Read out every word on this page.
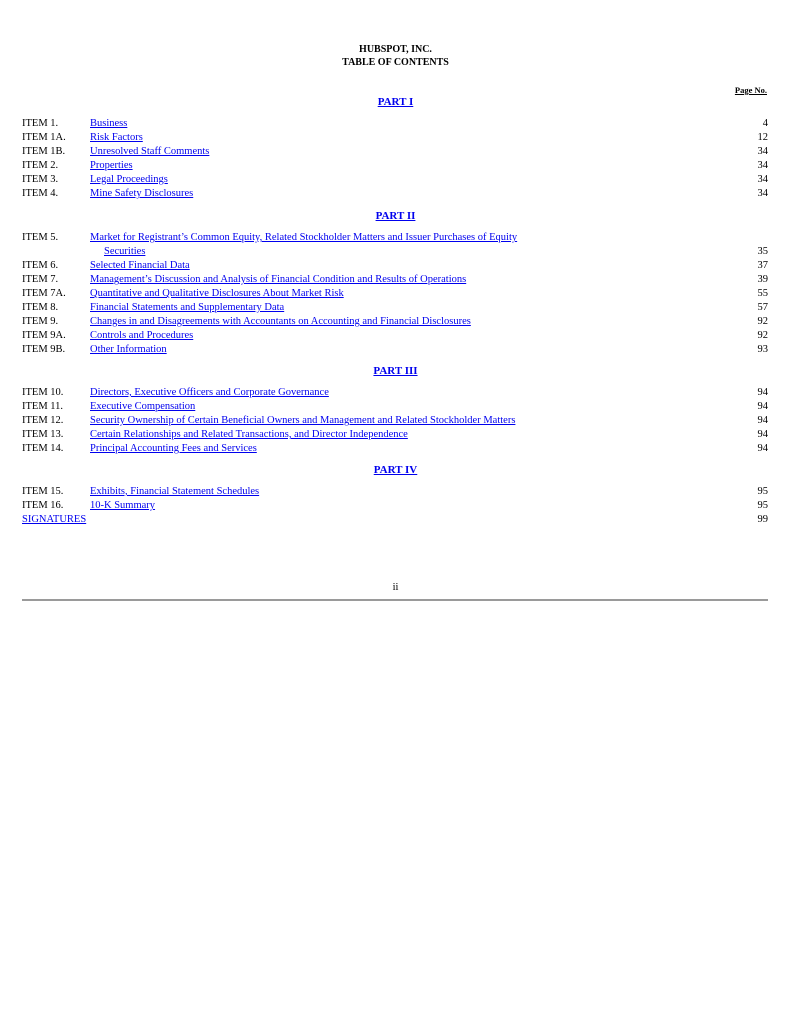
HUBSPOT, INC.
TABLE OF CONTENTS
Page No.
PART I
ITEM 1.	Business	4
ITEM 1A. Risk Factors	12
ITEM 1B. Unresolved Staff Comments	34
ITEM 2.	Properties	34
ITEM 3.	Legal Proceedings	34
ITEM 4.	Mine Safety Disclosures	34
PART II
ITEM 5.	Market for Registrant’s Common Equity, Related Stockholder Matters and Issuer Purchases of Equity
Securities	35
ITEM 6.	Selected Financial Data	37
ITEM 7.	Management’s Discussion and Analysis of Financial Condition and Results of Operations	39
ITEM 7A. Quantitative and Qualitative Disclosures About Market Risk	55
ITEM 8.	Financial Statements and Supplementary Data	57
ITEM 9.	Changes in and Disagreements with Accountants on Accounting and Financial Disclosures	92
ITEM 9A. Controls and Procedures	92
ITEM 9B. Other Information	93
PART III
ITEM 10.	Directors, Executive Officers and Corporate Governance	94
ITEM 11.	Executive Compensation	94
ITEM 12.	Security Ownership of Certain Beneficial Owners and Management and Related Stockholder Matters	94
ITEM 13.	Certain Relationships and Related Transactions, and Director Independence	94
ITEM 14.	Principal Accounting Fees and Services	94
PART IV
ITEM 15.	Exhibits, Financial Statement Schedules	95
ITEM 16.	10-K Summary	95
SIGNATURES	99
ii
